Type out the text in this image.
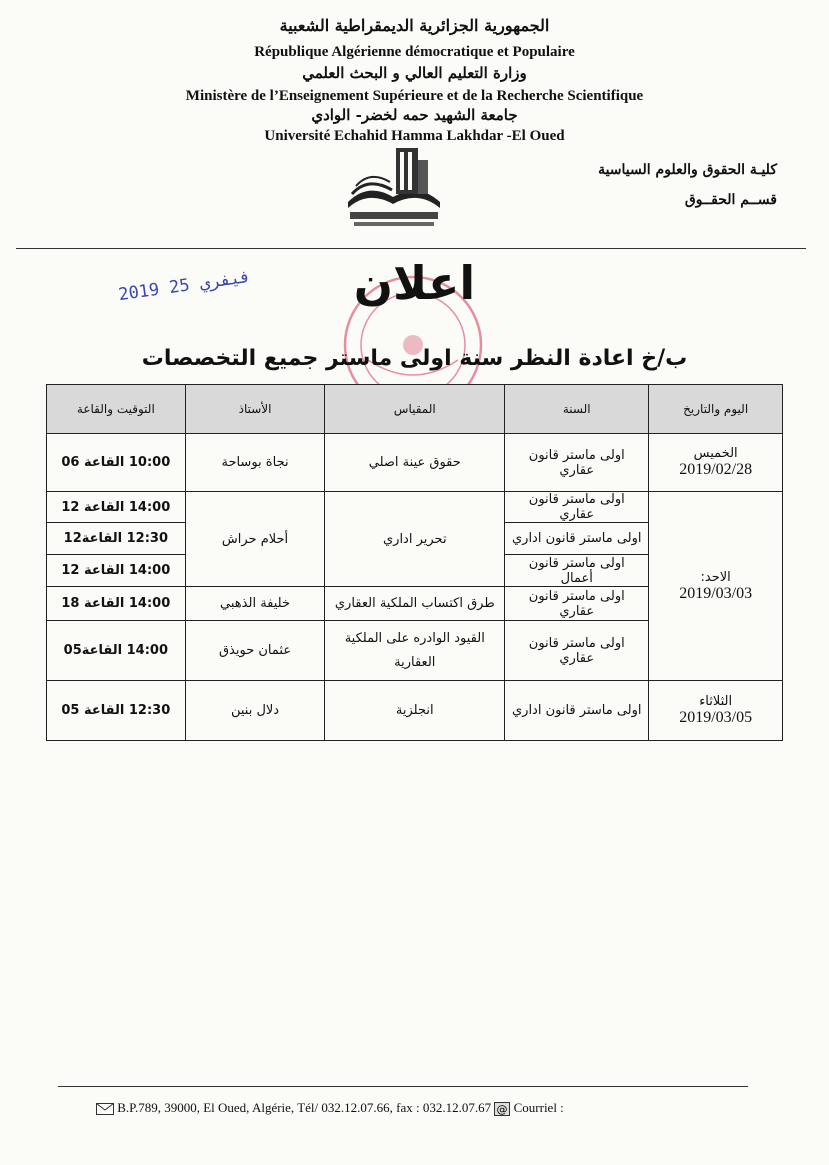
الجمهورية الجزائرية الديمقراطية الشعبية
République Algérienne démocratique et Populaire
وزارة التعليم العالي و البحث العلمي
Ministère de l’Enseignement Supérieure et de la Recherche Scientifique
جامعة الشهيد حمه لخضر- الوادي
Université Echahid Hamma Lakhdar -El Oued
كليـة الحقوق والعلوم السياسية
قســم الحقــوق
اعلان
2019 فيفري 25
ب/خ اعادة النظر سنة اولى ماستر جميع التخصصات
اليوم والتاريخ	السنة	المقياس	الأستاذ	التوقيت والقاعة

الخميس
2019/02/28	اولى ماستر قانون عقاري	حقوق عينة اصلي	نجاة بوساحة	10:00 القاعة 06

الاحد:
2019/03/03	اولى ماستر قانون عقاري	تحرير اداري	أحلام حراش	14:00 القاعة 12
	اولى ماستر قانون اداري			12:30 القاعة12
	اولى ماستر قانون أعمال			14:00 القاعة 12
	اولى ماستر قانون عقاري	طرق اكتساب الملكية العقاري	خليفة الذهبي	14:00 القاعة 18
	اولى ماستر قانون عقاري	القيود الوادره على الملكية العقارية	عثمان حويذق	14:00 القاعة05

الثلاثاء
2019/03/05	اولى ماستر قانون اداري	انجلزية	دلال بنين	12:30 القاعة 05
B.P.789, 39000, El Oued, Algérie, Tél/ 032.12.07.66, fax : 032.12.07.67 @ Courriel :
